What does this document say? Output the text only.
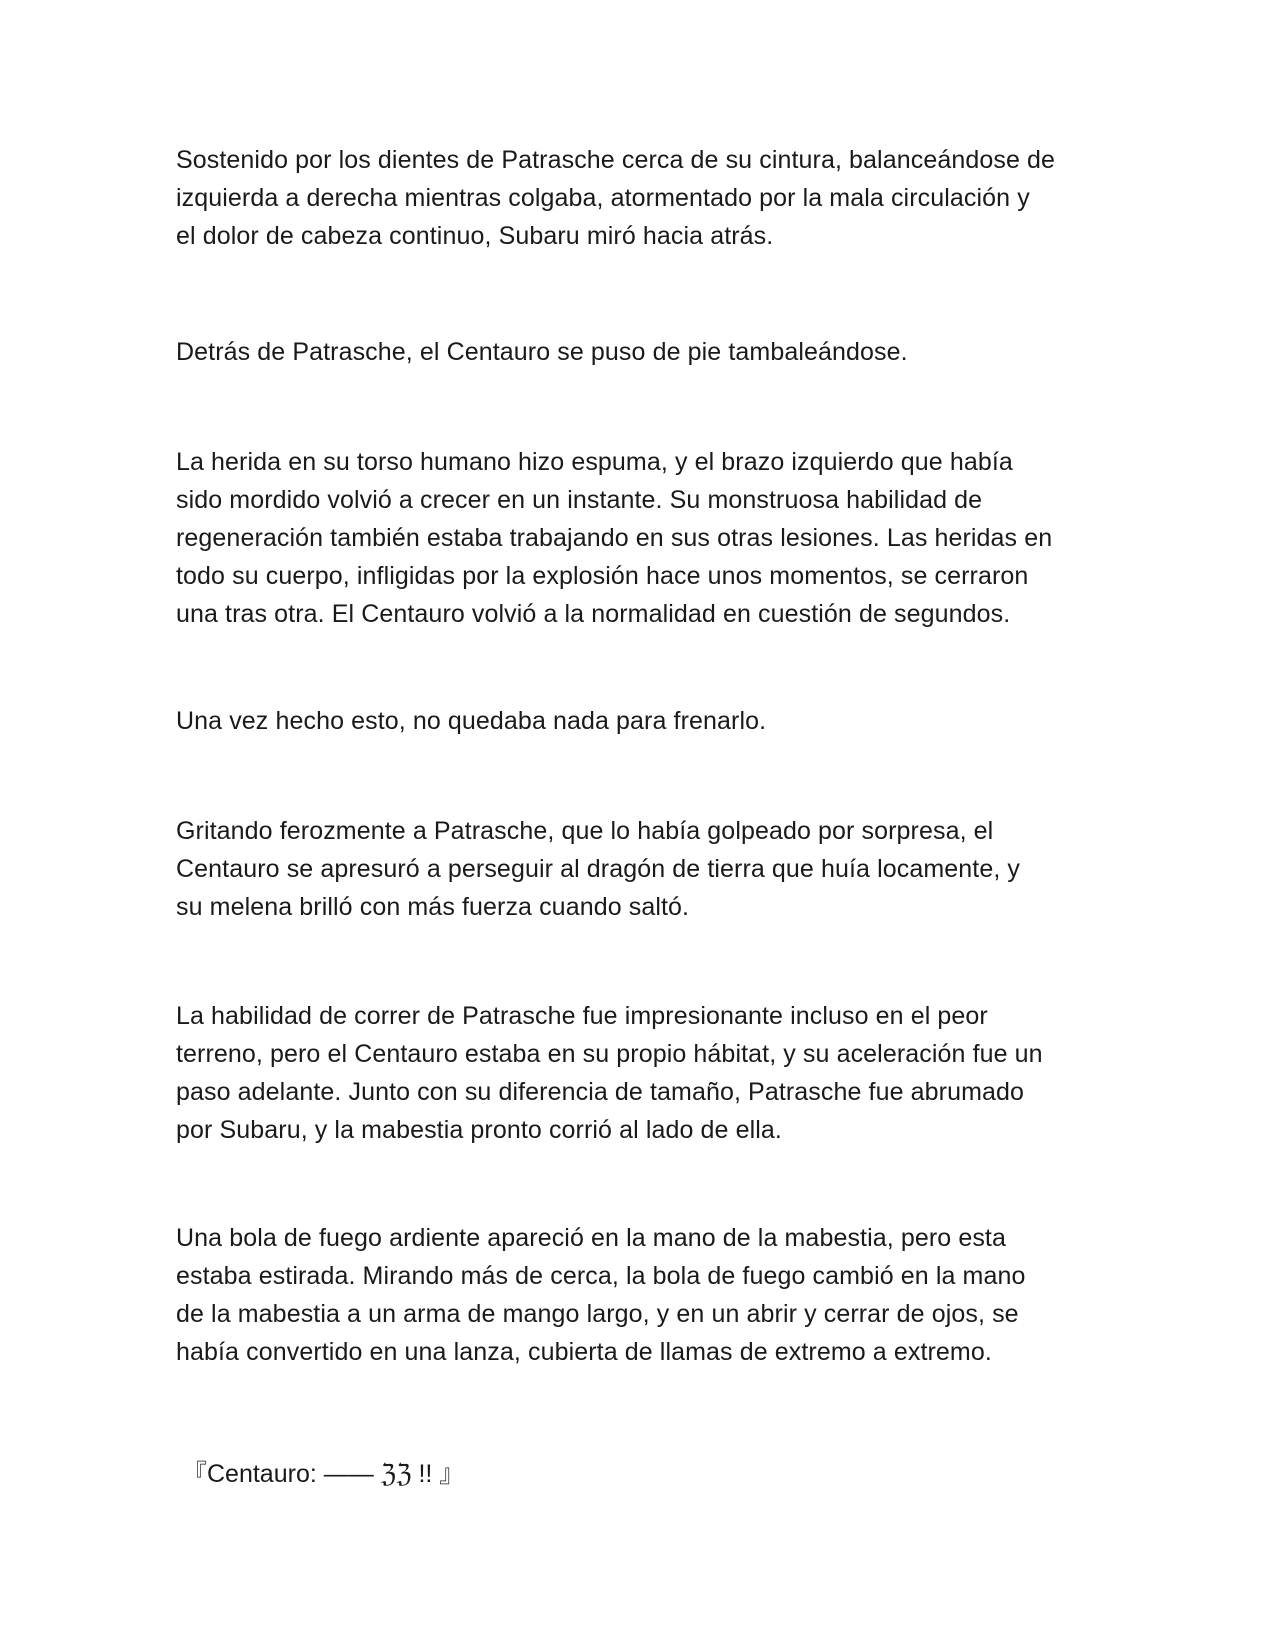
Sostenido por los dientes de Patrasche cerca de su cintura, balanceándose de
izquierda a derecha mientras colgaba, atormentado por la mala circulación y
el dolor de cabeza continuo, Subaru miró hacia atrás.
Detrás de Patrasche, el Centauro se puso de pie tambaleándose.
La herida en su torso humano hizo espuma, y el brazo izquierdo que había
sido mordido volvió a crecer en un instante. Su monstruosa habilidad de
regeneración también estaba trabajando en sus otras lesiones. Las heridas en
todo su cuerpo, infligidas por la explosión hace unos momentos, se cerraron
una tras otra. El Centauro volvió a la normalidad en cuestión de segundos.
Una vez hecho esto, no quedaba nada para frenarlo.
Gritando ferozmente a Patrasche, que lo había golpeado por sorpresa, el
Centauro se apresuró a perseguir al dragón de tierra que huía locamente, y
su melena brilló con más fuerza cuando saltó.
La habilidad de correr de Patrasche fue impresionante incluso en el peor
terreno, pero el Centauro estaba en su propio hábitat, y su aceleración fue un
paso adelante. Junto con su diferencia de tamaño, Patrasche fue abrumado
por Subaru, y la mabestia pronto corrió al lado de ella.
Una bola de fuego ardiente apareció en la mano de la mabestia, pero esta
estaba estirada. Mirando más de cerca, la bola de fuego cambió en la mano
de la mabestia a un arma de mango largo, y en un abrir y cerrar de ojos, se
había convertido en una lanza, cubierta de llamas de extremo a extremo.

『Centauro: —— ℨℨ !! 』
